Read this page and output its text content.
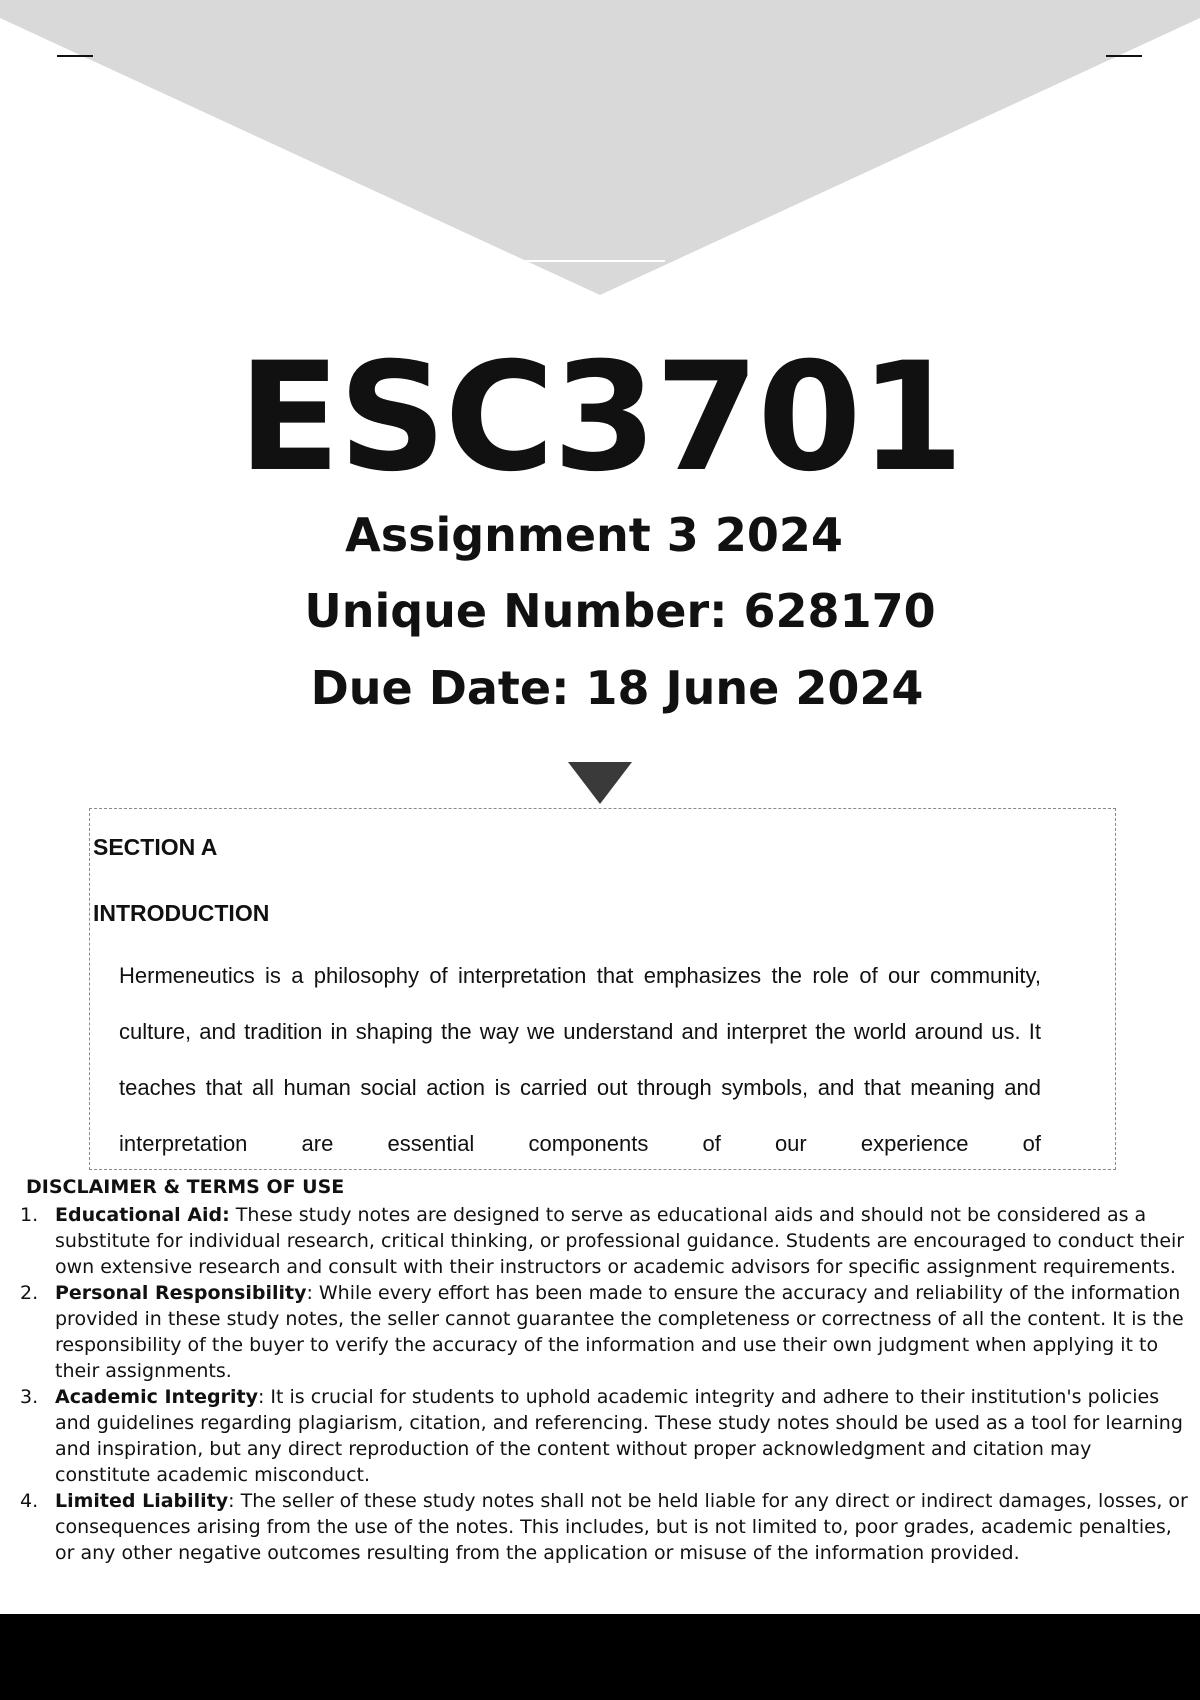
ESC3701

Assignment 3 2024

Unique Number: 628170

Due Date: 18 June 2024

SECTION A

INTRODUCTION

Hermeneutics is a philosophy of interpretation that emphasizes the role of our community, culture, and tradition in shaping the way we understand and interpret the world around us. It teaches that all human social action is carried out through symbols, and that meaning and interpretation are essential components of our experience of

DISCLAIMER & TERMS OF USE

1. Educational Aid: These study notes are designed to serve as educational aids and should not be considered as a substitute for individual research, critical thinking, or professional guidance. Students are encouraged to conduct their own extensive research and consult with their instructors or academic advisors for specific assignment requirements.
2. Personal Responsibility: While every effort has been made to ensure the accuracy and reliability of the information provided in these study notes, the seller cannot guarantee the completeness or correctness of all the content. It is the responsibility of the buyer to verify the accuracy of the information and use their own judgment when applying it to their assignments.
3. Academic Integrity: It is crucial for students to uphold academic integrity and adhere to their institution's policies and guidelines regarding plagiarism, citation, and referencing. These study notes should be used as a tool for learning and inspiration, but any direct reproduction of the content without proper acknowledgment and citation may constitute academic misconduct.
4. Limited Liability: The seller of these study notes shall not be held liable for any direct or indirect damages, losses, or consequences arising from the use of the notes. This includes, but is not limited to, poor grades, academic penalties, or any other negative outcomes resulting from the application or misuse of the information provided.
